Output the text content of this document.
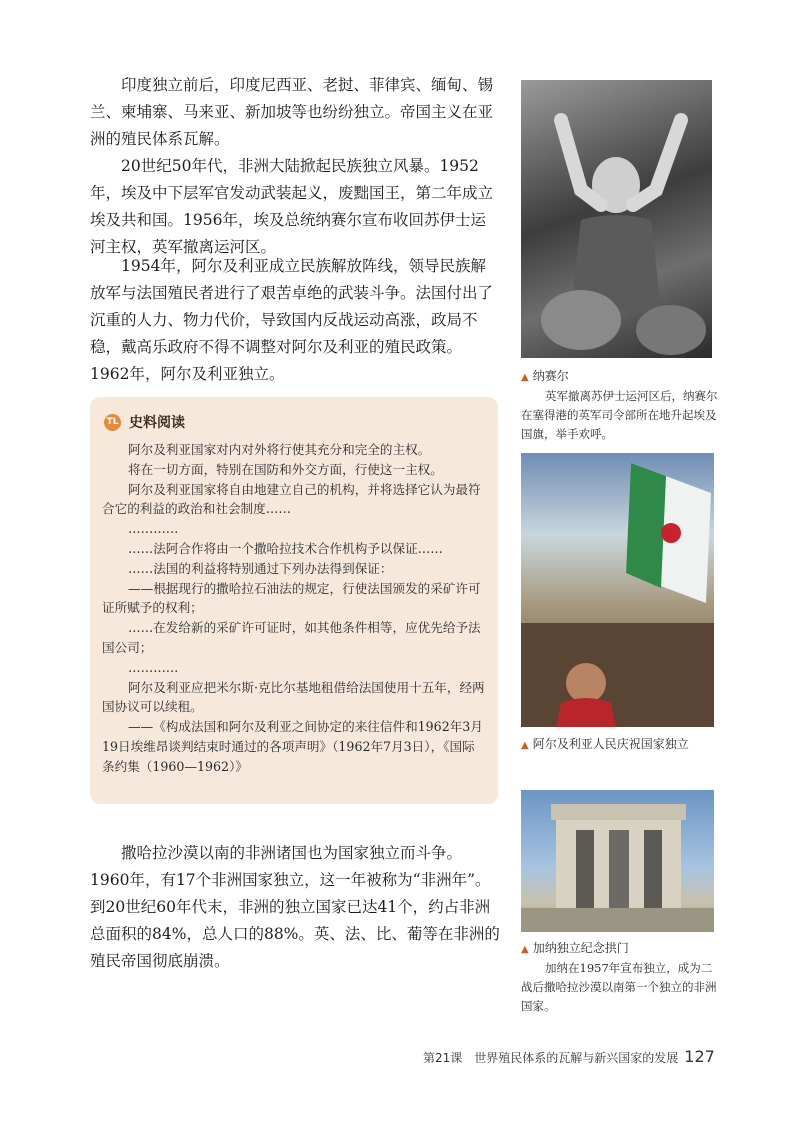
印度独立前后，印度尼西亚、老挝、菲律宾、缅甸、锡兰、柬埔寨、马来亚、新加坡等也纷纷独立。帝国主义在亚洲的殖民体系瓦解。

20世纪50年代，非洲大陆掀起民族独立风暴。1952年，埃及中下层军官发动武装起义，废黜国王，第二年成立埃及共和国。1956年，埃及总统纳赛尔宣布收回苏伊士运河主权，英军撤离运河区。

1954年，阿尔及利亚成立民族解放阵线，领导民族解放军与法国殖民者进行了艰苦卓绝的武装斗争。法国付出了沉重的人力、物力代价，导致国内反战运动高涨，政局不稳，戴高乐政府不得不调整对阿尔及利亚的殖民政策。1962年，阿尔及利亚独立。

TL 史料阅读

阿尔及利亚国家对内对外将行使其充分和完全的主权。

将在一切方面，特别在国防和外交方面，行使这一主权。

阿尔及利亚国家将自由地建立自己的机构，并将选择它认为最符合它的利益的政治和社会制度……

…………

……法阿合作将由一个撒哈拉技术合作机构予以保证……

……法国的利益将特别通过下列办法得到保证：

——根据现行的撒哈拉石油法的规定，行使法国颁发的采矿许可证所赋予的权利；

……在发给新的采矿许可证时，如其他条件相等，应优先给予法国公司；

…………

阿尔及利亚应把米尔斯·克比尔基地租借给法国使用十五年，经两国协议可以续租。

——《构成法国和阿尔及利亚之间协定的来往信件和1962年3月19日埃维昂谈判结束时通过的各项声明》（1962年7月3日），《国际条约集（1960—1962）》

撒哈拉沙漠以南的非洲诸国也为国家独立而斗争。1960年，有17个非洲国家独立，这一年被称为“非洲年”。到20世纪60年代末，非洲的独立国家已达41个，约占非洲总面积的84%，总人口的88%。英、法、比、葡等在非洲的殖民帝国彻底崩溃。

▲ 纳赛尔

英军撤离苏伊士运河区后，纳赛尔在塞得港的英军司令部所在地升起埃及国旗，举手欢呼。

▲ 阿尔及利亚人民庆祝国家独立
▲ 加纳独立纪念拱门

加纳在1957年宣布独立，成为二战后撒哈拉沙漠以南第一个独立的非洲国家。

第21课　世界殖民体系的瓦解与新兴国家的发展 127
